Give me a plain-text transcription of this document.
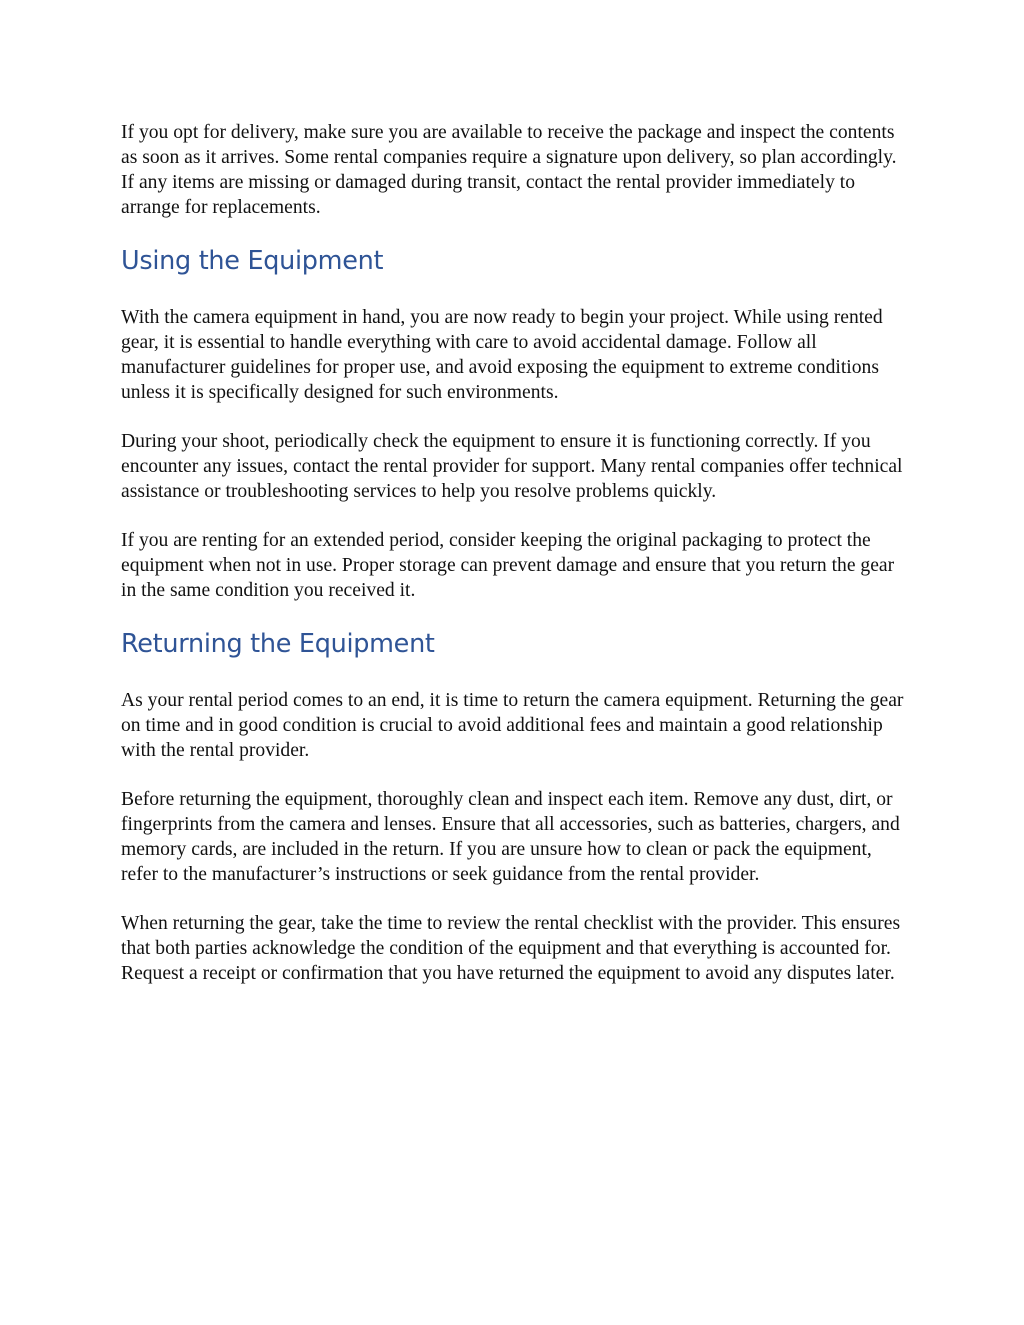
If you opt for delivery, make sure you are available to receive the package and inspect the contents as soon as it arrives. Some rental companies require a signature upon delivery, so plan accordingly. If any items are missing or damaged during transit, contact the rental provider immediately to arrange for replacements.

Using the Equipment

With the camera equipment in hand, you are now ready to begin your project. While using rented gear, it is essential to handle everything with care to avoid accidental damage. Follow all manufacturer guidelines for proper use, and avoid exposing the equipment to extreme conditions unless it is specifically designed for such environments.

During your shoot, periodically check the equipment to ensure it is functioning correctly. If you encounter any issues, contact the rental provider for support. Many rental companies offer technical assistance or troubleshooting services to help you resolve problems quickly.

If you are renting for an extended period, consider keeping the original packaging to protect the equipment when not in use. Proper storage can prevent damage and ensure that you return the gear in the same condition you received it.

Returning the Equipment

As your rental period comes to an end, it is time to return the camera equipment. Returning the gear on time and in good condition is crucial to avoid additional fees and maintain a good relationship with the rental provider.

Before returning the equipment, thoroughly clean and inspect each item. Remove any dust, dirt, or fingerprints from the camera and lenses. Ensure that all accessories, such as batteries, chargers, and memory cards, are included in the return. If you are unsure how to clean or pack the equipment, refer to the manufacturer’s instructions or seek guidance from the rental provider.

When returning the gear, take the time to review the rental checklist with the provider. This ensures that both parties acknowledge the condition of the equipment and that everything is accounted for. Request a receipt or confirmation that you have returned the equipment to avoid any disputes later.
